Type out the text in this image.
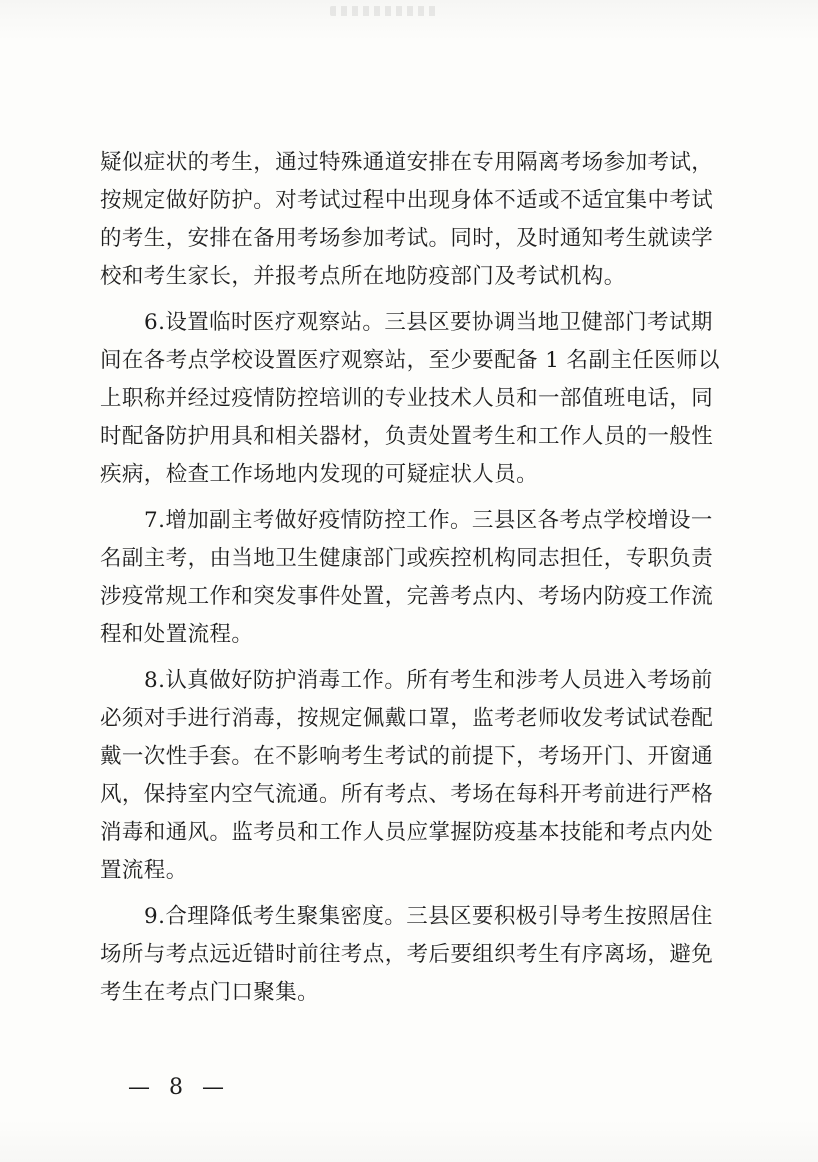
疑似症状的考生，通过特殊通道安排在专用隔离考场参加考试，
按规定做好防护。对考试过程中出现身体不适或不适宜集中考试
的考生，安排在备用考场参加考试。同时，及时通知考生就读学
校和考生家长，并报考点所在地防疫部门及考试机构。
6.设置临时医疗观察站。三县区要协调当地卫健部门考试期
间在各考点学校设置医疗观察站，至少要配备 1 名副主任医师以
上职称并经过疫情防控培训的专业技术人员和一部值班电话，同
时配备防护用具和相关器材，负责处置考生和工作人员的一般性
疾病，检查工作场地内发现的可疑症状人员。
7.增加副主考做好疫情防控工作。三县区各考点学校增设一
名副主考，由当地卫生健康部门或疾控机构同志担任，专职负责
涉疫常规工作和突发事件处置，完善考点内、考场内防疫工作流
程和处置流程。
8.认真做好防护消毒工作。所有考生和涉考人员进入考场前
必须对手进行消毒，按规定佩戴口罩，监考老师收发考试试卷配
戴一次性手套。在不影响考生考试的前提下，考场开门、开窗通
风，保持室内空气流通。所有考点、考场在每科开考前进行严格
消毒和通风。监考员和工作人员应掌握防疫基本技能和考点内处
置流程。
9.合理降低考生聚集密度。三县区要积极引导考生按照居住
场所与考点远近错时前往考点，考后要组织考生有序离场，避免
考生在考点门口聚集。
— 8 —
